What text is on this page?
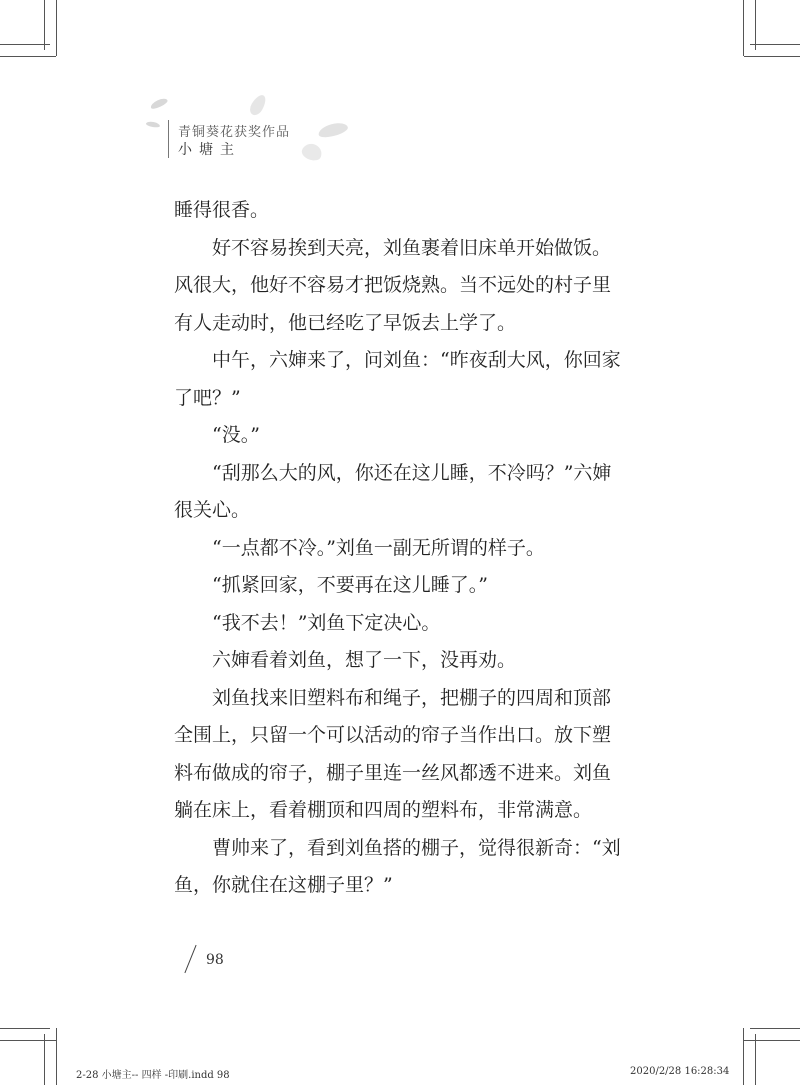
青铜葵花获奖作品
小塘主

睡得很香。

好不容易挨到天亮，刘鱼裹着旧床单开始做饭。风很大，他好不容易才把饭烧熟。当不远处的村子里有人走动时，他已经吃了早饭去上学了。

中午，六婶来了，问刘鱼：“昨夜刮大风，你回家了吧？”

“没。”

“刮那么大的风，你还在这儿睡，不冷吗？”六婶很关心。

“一点都不冷。”刘鱼一副无所谓的样子。

“抓紧回家，不要再在这儿睡了。”

“我不去！”刘鱼下定决心。

六婶看着刘鱼，想了一下，没再劝。

刘鱼找来旧塑料布和绳子，把棚子的四周和顶部全围上，只留一个可以活动的帘子当作出口。放下塑料布做成的帘子，棚子里连一丝风都透不进来。刘鱼躺在床上，看着棚顶和四周的塑料布，非常满意。

曹帅来了，看到刘鱼搭的棚子，觉得很新奇：“刘鱼，你就住在这棚子里？”

98
2-28 小塘主-- 四样 -印刷.indd 98	2020/2/28 16:28:34
